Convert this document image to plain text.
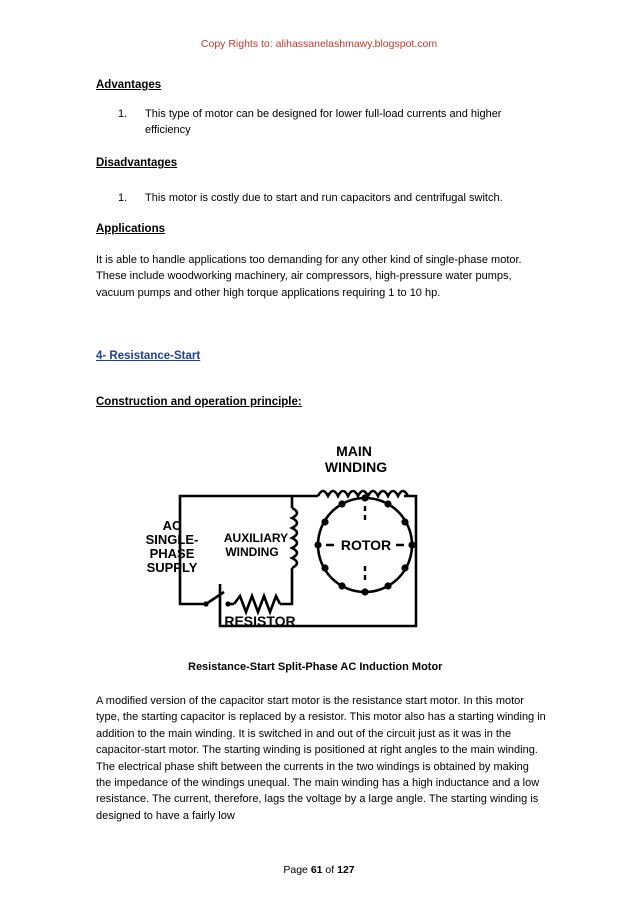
Copy Rights to: alihassanelashmawy.blogspot.com
Advantages
1. This type of motor can be designed for lower full-load currents and higher efficiency
Disadvantages
1. This motor is costly due to start and run capacitors and centrifugal switch.
Applications
It is able to handle applications too demanding for any other kind of single-phase motor. These include woodworking machinery, air compressors, high-pressure water pumps, vacuum pumps and other high torque applications requiring 1 to 10 hp.
4- Resistance-Start
Construction and operation principle:
MAIN
WINDING
ROTOR
AC
SINGLE-
PHASE
SUPPLY
AUXILIARY
WINDING
RESISTOR
Resistance-Start Split-Phase AC Induction Motor
A modified version of the capacitor start motor is the resistance start motor. In this motor type, the starting capacitor is replaced by a resistor. This motor also has a starting winding in addition to the main winding. It is switched in and out of the circuit just as it was in the capacitor-start motor. The starting winding is positioned at right angles to the main winding. The electrical phase shift between the currents in the two windings is obtained by making the impedance of the windings unequal. The main winding has a high inductance and a low resistance. The current, therefore, lags the voltage by a large angle. The starting winding is designed to have a fairly low
Page 61 of 127
